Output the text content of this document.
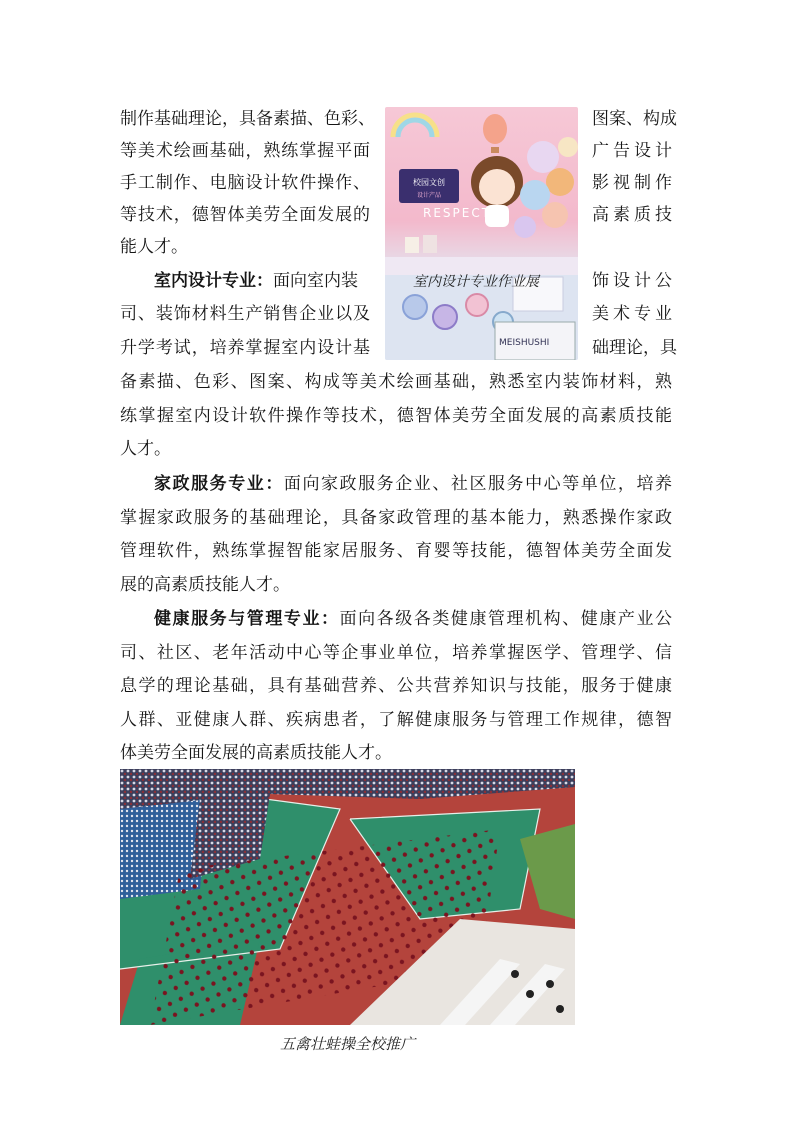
制作基础理论，具备素描、色彩、	图案、构成
等美术绘画基础，熟练掌握平面	广告设计
手工制作、电脑设计软件操作、	影视制作
等技术，德智体美劳全面发展的	高素质技
能人才。
室内设计专业：面向室内装	饰设计公
司、装饰材料生产销售企业以及	美术专业
升学考试，培养掌握室内设计基	础理论，具
备素描、色彩、图案、构成等美术绘画基础，熟悉室内装饰材料，熟
练掌握室内设计软件操作等技术，德智体美劳全面发展的高素质技能
人才。
家政服务专业：面向家政服务企业、社区服务中心等单位，培养
掌握家政服务的基础理论，具备家政管理的基本能力，熟悉操作家政
管理软件，熟练掌握智能家居服务、育婴等技能，德智体美劳全面发
展的高素质技能人才。
健康服务与管理专业：面向各级各类健康管理机构、健康产业公
司、社区、老年活动中心等企事业单位，培养掌握医学、管理学、信
息学的理论基础，具有基础营养、公共营养知识与技能，服务于健康
人群、亚健康人群、疾病患者，了解健康服务与管理工作规律，德智
体美劳全面发展的高素质技能人才。
校园文创
设计产品
RESPECT
MEISHUSHI
室内设计专业作业展
五禽壮蛙操全校推广
